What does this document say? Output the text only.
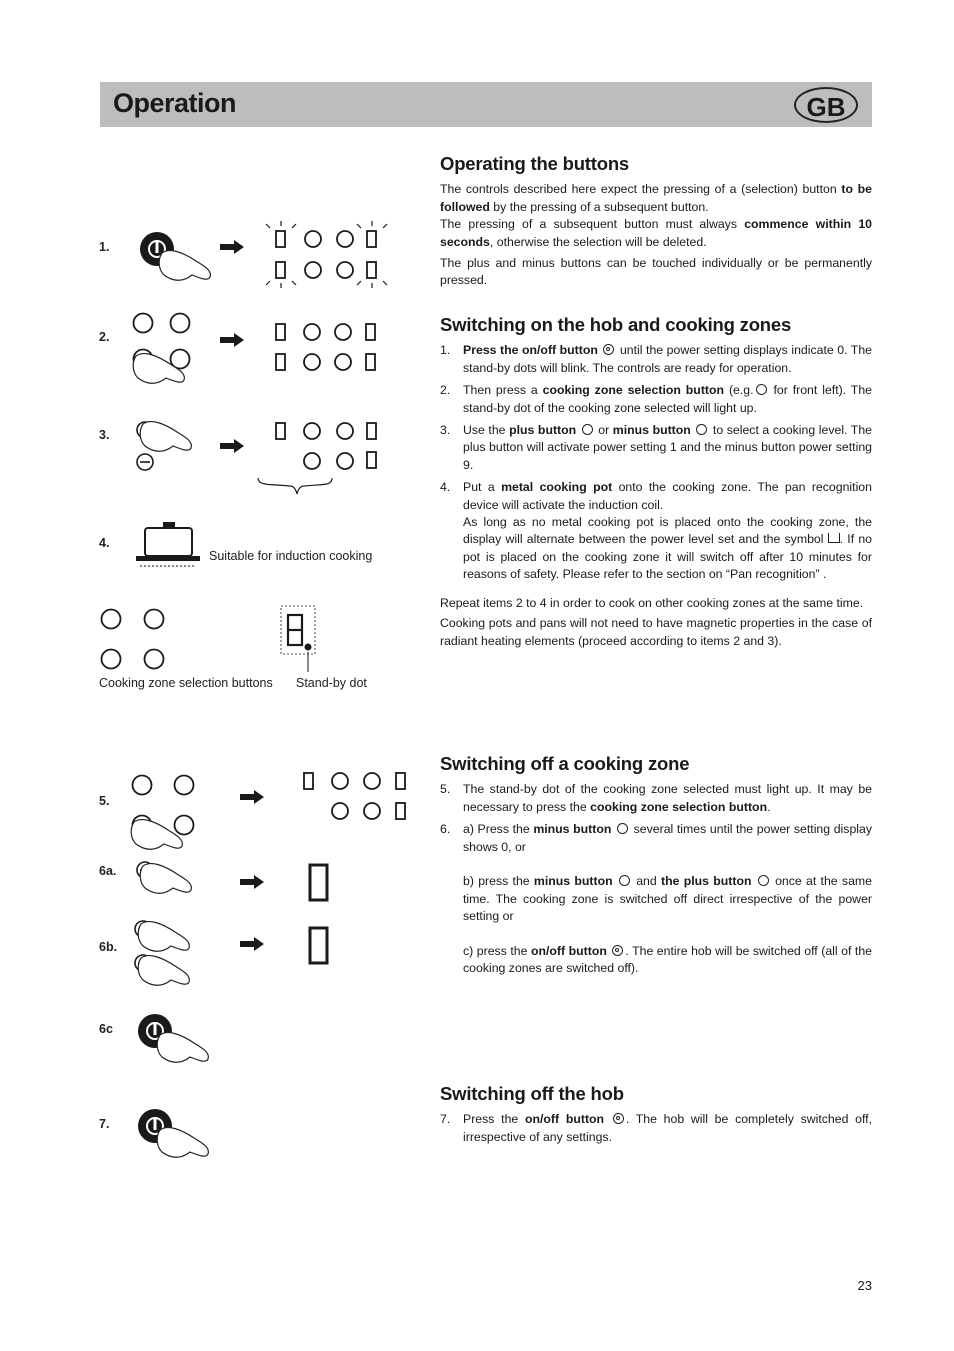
Operation	GB
1.
2.
3.
4.
Suitable for induction cooking
Cooking zone selection buttons Stand-by dot
5.
6a.
6b.
6c
7.
Operating the buttons

The controls described here expect the pressing of a (selection) button to be followed by the pressing of a subsequent button.

The pressing of a subsequent button must always commence within 10 seconds, otherwise the selection will be deleted.

The plus and minus buttons can be touched individually or be permanently pressed.

Switching on the hob and cooking zones
1. Press the on/off button  until the power setting displays indicate 0. The stand-by dots will blink. The controls are ready for operation.
2. Then press a cooking zone selection button (e.g. for front left). The stand-by dot of the cooking zone selected will light up.
3. Use the plus button  or minus button  to select a cooking level. The plus button will activate power setting 1 and the minus button power setting 9.
4. Put a metal cooking pot onto the cooking zone. The pan recognition device will activate the induction coil.
As long as no metal cooking pot is placed onto the cooking zone, the display will alternate between the power level set and the symbol . If no pot is placed on the cooking zone it will switch off after 10 minutes for reasons of safety. Please refer to the section on “Pan recognition” .

Repeat items 2 to 4 in order to cook on other cooking zones at the same time.

Cooking pots and pans will not need to have magnetic properties in the case of radiant heating elements (proceed according to items 2 and 3).

Switching off a cooking zone
5. The stand-by dot of the cooking zone selected must light up. It may be necessary to press the cooking zone selection button.
6. a) Press the minus button  several times until the power setting display shows 0, or

b) press the minus button  and the plus button  once at the same time. The cooking zone is switched off direct irrespective of the power setting or

c) press the on/off button . The entire hob will be switched off (all of the cooking zones are switched off).
Switching off the hob
7. Press the on/off button . The hob will be completely switched off, irrespective of any settings.
23
